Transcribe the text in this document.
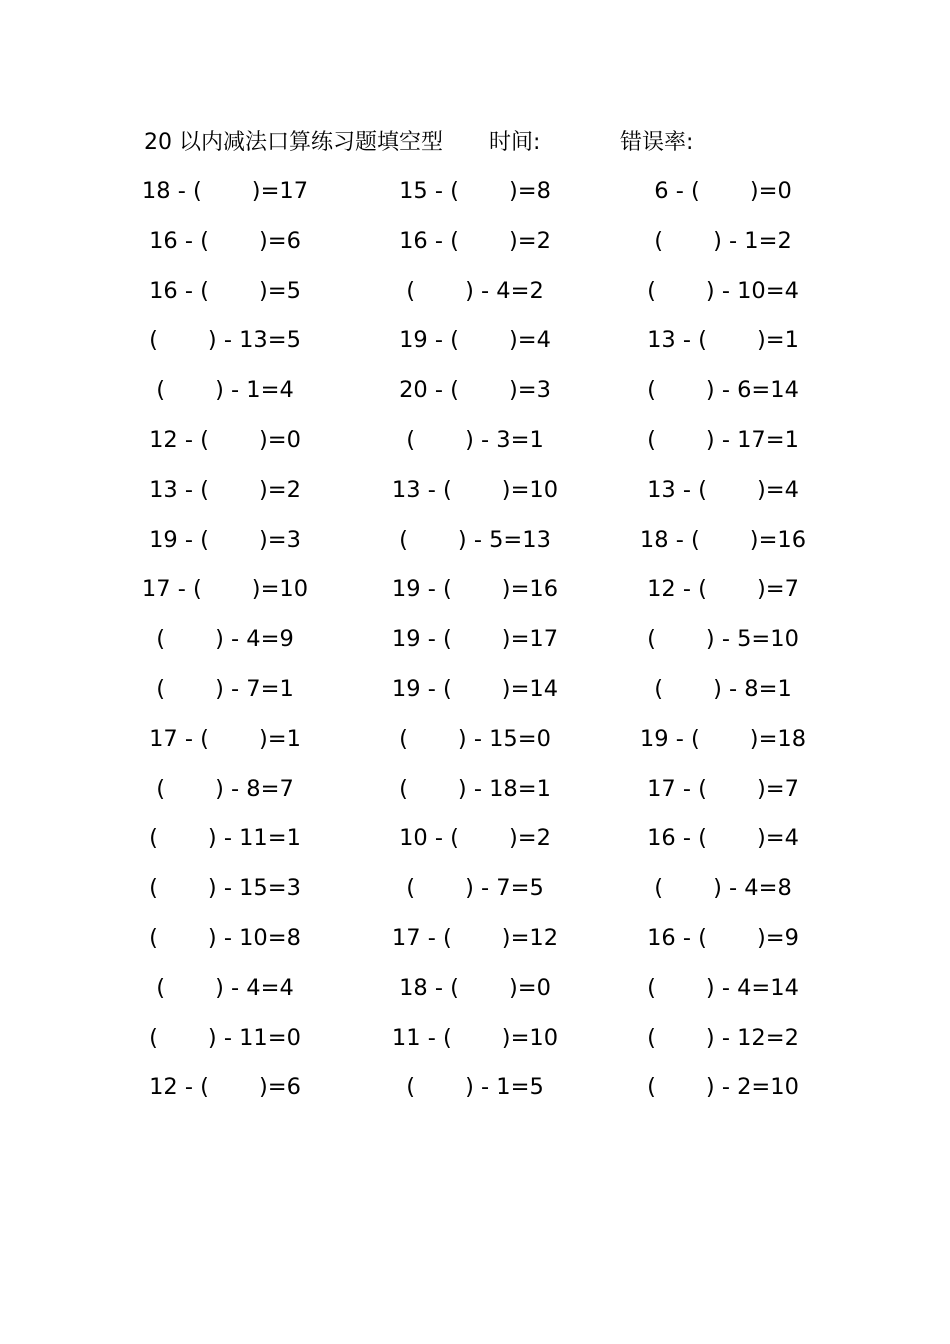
20 以内减法口算练习题填空型 时间:	错误率:
18 - (       )=17	15 - (       )=8	6 - (       )=0
16 - (       )=6	16 - (       )=2	(       ) - 1=2
16 - (       )=5	(       ) - 4=2	(       ) - 10=4
(       ) - 13=5	19 - (       )=4	13 - (       )=1
(       ) - 1=4	20 - (       )=3	(       ) - 6=14
12 - (       )=0	(       ) - 3=1	(       ) - 17=1
13 - (       )=2	13 - (       )=10	13 - (       )=4
19 - (       )=3	(       ) - 5=13	18 - (       )=16
17 - (       )=10	19 - (       )=16	12 - (       )=7
(       ) - 4=9	19 - (       )=17	(       ) - 5=10
(       ) - 7=1	19 - (       )=14	(       ) - 8=1
17 - (       )=1	(       ) - 15=0	19 - (       )=18
(       ) - 8=7	(       ) - 18=1	17 - (       )=7
(       ) - 11=1	10 - (       )=2	16 - (       )=4
(       ) - 15=3	(       ) - 7=5	(       ) - 4=8
(       ) - 10=8	17 - (       )=12	16 - (       )=9
(       ) - 4=4	18 - (       )=0	(       ) - 4=14
(       ) - 11=0	11 - (       )=10	(       ) - 12=2
12 - (       )=6	(       ) - 1=5	(       ) - 2=10
